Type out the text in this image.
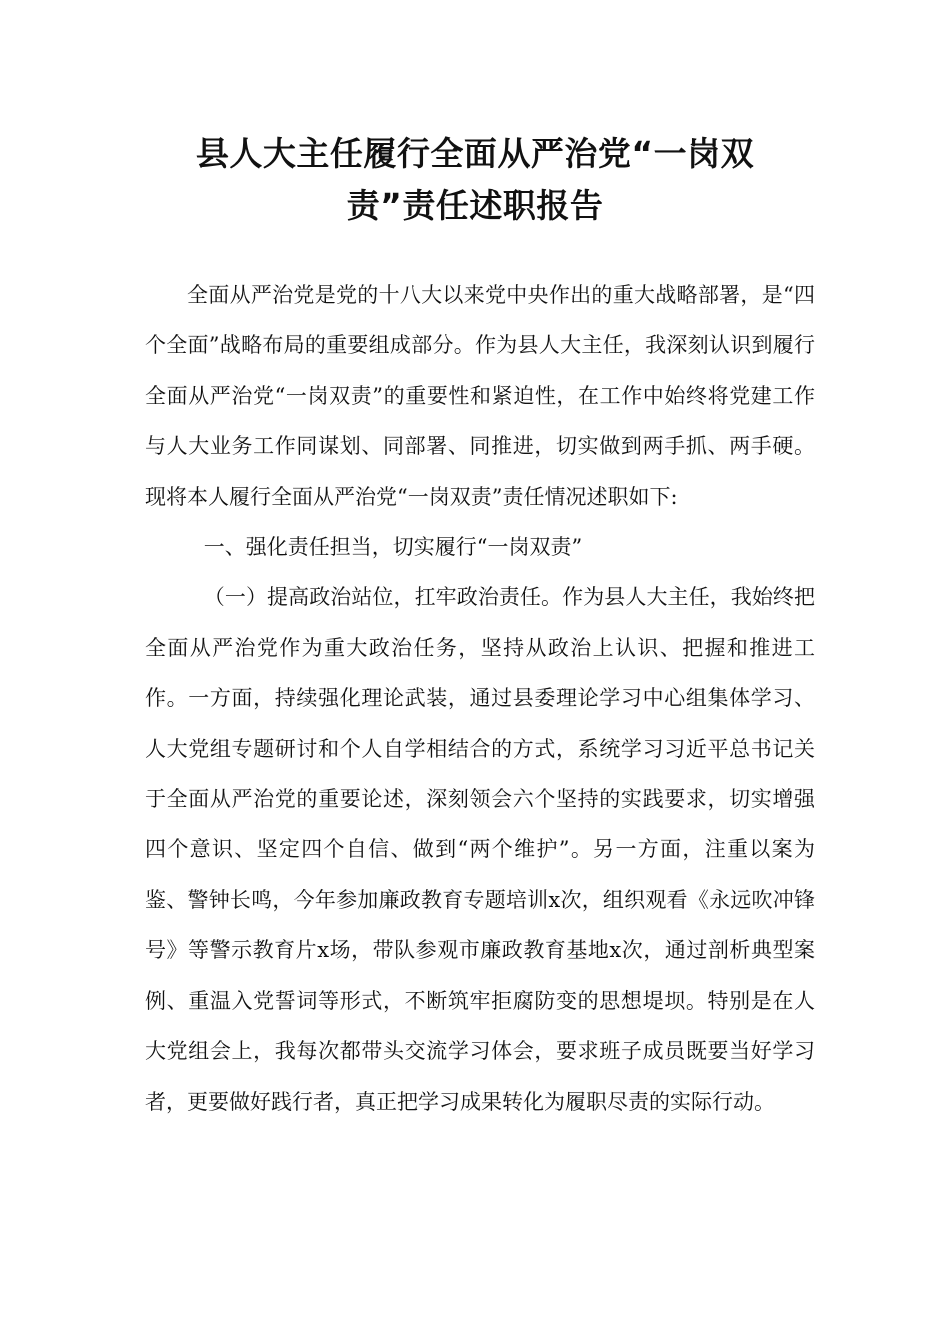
县人大主任履行全面从严治党“一岗双
责”责任述职报告

全面从严治党是党的十八大以来党中央作出的重大战略部署，是“四个全面”战略布局的重要组成部分。作为县人大主任，我深刻认识到履行全面从严治党“一岗双责”的重要性和紧迫性，在工作中始终将党建工作与人大业务工作同谋划、同部署、同推进，切实做到两手抓、两手硬。现将本人履行全面从严治党“一岗双责”责任情况述职如下:

一、强化责任担当，切实履行“一岗双责”

（一）提高政治站位，扛牢政治责任。作为县人大主任，我始终把全面从严治党作为重大政治任务，坚持从政治上认识、把握和推进工作。一方面，持续强化理论武装，通过县委理论学习中心组集体学习、人大党组专题研讨和个人自学相结合的方式，系统学习习近平总书记关于全面从严治党的重要论述，深刻领会六个坚持的实践要求，切实增强四个意识、坚定四个自信、做到“两个维护”。另一方面，注重以案为鉴、警钟长鸣，今年参加廉政教育专题培训x次，组织观看《永远吹冲锋号》等警示教育片x场，带队参观市廉政教育基地x次，通过剖析典型案例、重温入党誓词等形式，不断筑牢拒腐防变的思想堤坝。特别是在人大党组会上，我每次都带头交流学习体会，要求班子成员既要当好学习者，更要做好践行者，真正把学习成果转化为履职尽责的实际行动。
